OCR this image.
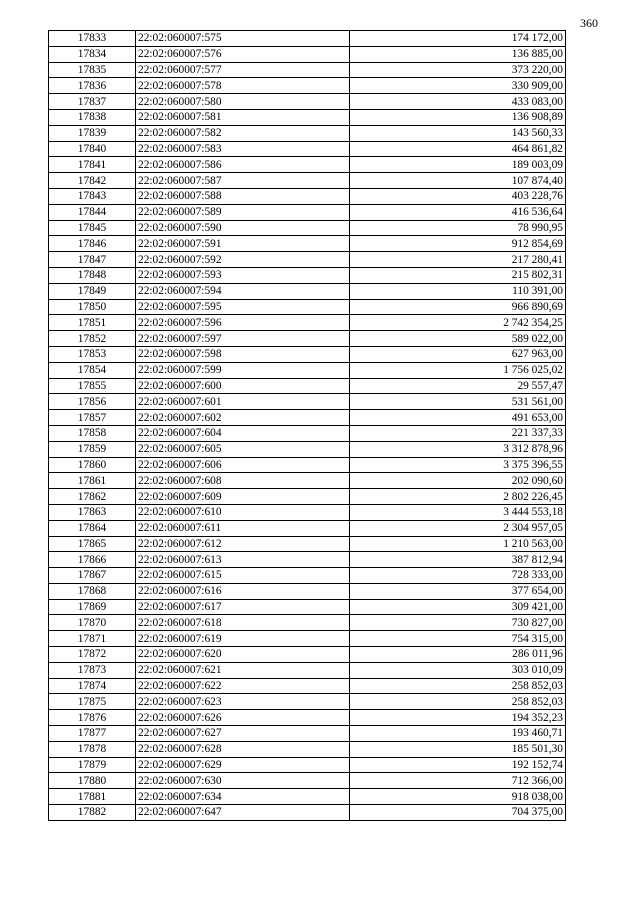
360
17833	22:02:060007:575	174 172,00
17834	22:02:060007:576	136 885,00
17835	22:02:060007:577	373 220,00
17836	22:02:060007:578	330 909,00
17837	22:02:060007:580	433 083,00
17838	22:02:060007:581	136 908,89
17839	22:02:060007:582	143 560,33
17840	22:02:060007:583	464 861,82
17841	22:02:060007:586	189 003,09
17842	22:02:060007:587	107 874,40
17843	22:02:060007:588	403 228,76
17844	22:02:060007:589	416 536,64
17845	22:02:060007:590	78 990,95
17846	22:02:060007:591	912 854,69
17847	22:02:060007:592	217 280,41
17848	22:02:060007:593	215 802,31
17849	22:02:060007:594	110 391,00
17850	22:02:060007:595	966 890,69
17851	22:02:060007:596	2 742 354,25
17852	22:02:060007:597	589 022,00
17853	22:02:060007:598	627 963,00
17854	22:02:060007:599	1 756 025,02
17855	22:02:060007:600	29 557,47
17856	22:02:060007:601	531 561,00
17857	22:02:060007:602	491 653,00
17858	22:02:060007:604	221 337,33
17859	22:02:060007:605	3 312 878,96
17860	22:02:060007:606	3 375 396,55
17861	22:02:060007:608	202 090,60
17862	22:02:060007:609	2 802 226,45
17863	22:02:060007:610	3 444 553,18
17864	22:02:060007:611	2 304 957,05
17865	22:02:060007:612	1 210 563,00
17866	22:02:060007:613	387 812,94
17867	22:02:060007:615	728 333,00
17868	22:02:060007:616	377 654,00
17869	22:02:060007:617	309 421,00
17870	22:02:060007:618	730 827,00
17871	22:02:060007:619	754 315,00
17872	22:02:060007:620	286 011,96
17873	22:02:060007:621	303 010,09
17874	22:02:060007:622	258 852,03
17875	22:02:060007:623	258 852,03
17876	22:02:060007:626	194 352,23
17877	22:02:060007:627	193 460,71
17878	22:02:060007:628	185 501,30
17879	22:02:060007:629	192 152,74
17880	22:02:060007:630	712 366,00
17881	22:02:060007:634	918 038,00
17882	22:02:060007:647	704 375,00
